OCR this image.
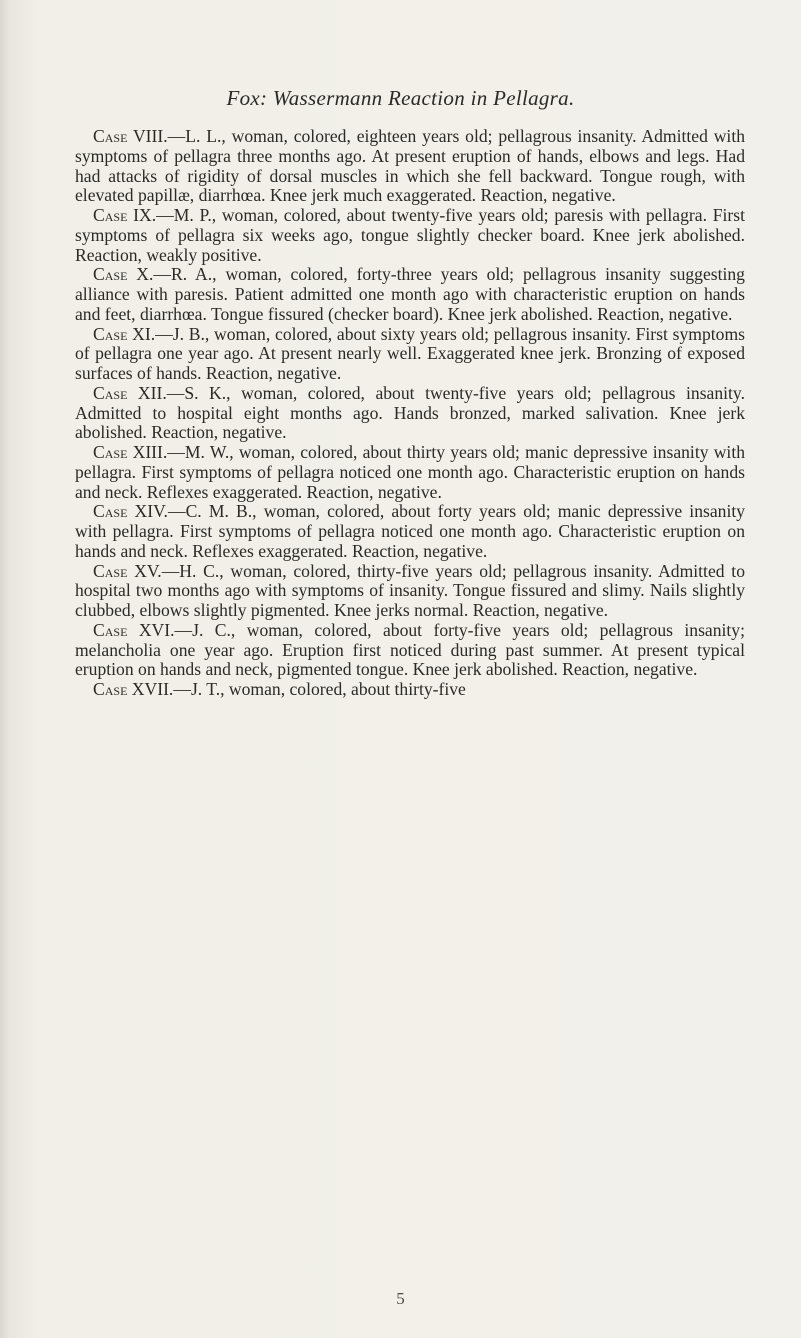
Fox: Wassermann Reaction in Pellagra.

Case VIII.—L. L., woman, colored, eighteen years old; pellagrous insanity. Admitted with symptoms of pellagra three months ago. At present eruption of hands, elbows and legs. Had had attacks of rigidity of dorsal muscles in which she fell backward. Tongue rough, with elevated papillæ, diarrhœa. Knee jerk much exaggerated. Reaction, negative.

Case IX.—M. P., woman, colored, about twenty-five years old; paresis with pellagra. First symptoms of pellagra six weeks ago, tongue slightly checker board. Knee jerk abolished. Reaction, weakly positive.

Case X.—R. A., woman, colored, forty-three years old; pellagrous insanity suggesting alliance with paresis. Patient admitted one month ago with characteristic eruption on hands and feet, diarrhœa. Tongue fissured (checker board). Knee jerk abolished. Reaction, negative.

Case XI.—J. B., woman, colored, about sixty years old; pellagrous insanity. First symptoms of pellagra one year ago. At present nearly well. Exaggerated knee jerk. Bronzing of exposed surfaces of hands. Reaction, negative.

Case XII.—S. K., woman, colored, about twenty-five years old; pellagrous insanity. Admitted to hospital eight months ago. Hands bronzed, marked salivation. Knee jerk abolished. Reaction, negative.

Case XIII.—M. W., woman, colored, about thirty years old; manic depressive insanity with pellagra. First symptoms of pellagra noticed one month ago. Characteristic eruption on hands and neck. Reflexes exaggerated. Reaction, negative.

Case XIV.—C. M. B., woman, colored, about forty years old; manic depressive insanity with pellagra. First symptoms of pellagra noticed one month ago. Characteristic eruption on hands and neck. Reflexes exaggerated. Reaction, negative.

Case XV.—H. C., woman, colored, thirty-five years old; pellagrous insanity. Admitted to hospital two months ago with symptoms of insanity. Tongue fissured and slimy. Nails slightly clubbed, elbows slightly pigmented. Knee jerks normal. Reaction, negative.

Case XVI.—J. C., woman, colored, about forty-five years old; pellagrous insanity; melancholia one year ago. Eruption first noticed during past summer. At present typical eruption on hands and neck, pigmented tongue. Knee jerk abolished. Reaction, negative.

Case XVII.—J. T., woman, colored, about thirty-five

5
